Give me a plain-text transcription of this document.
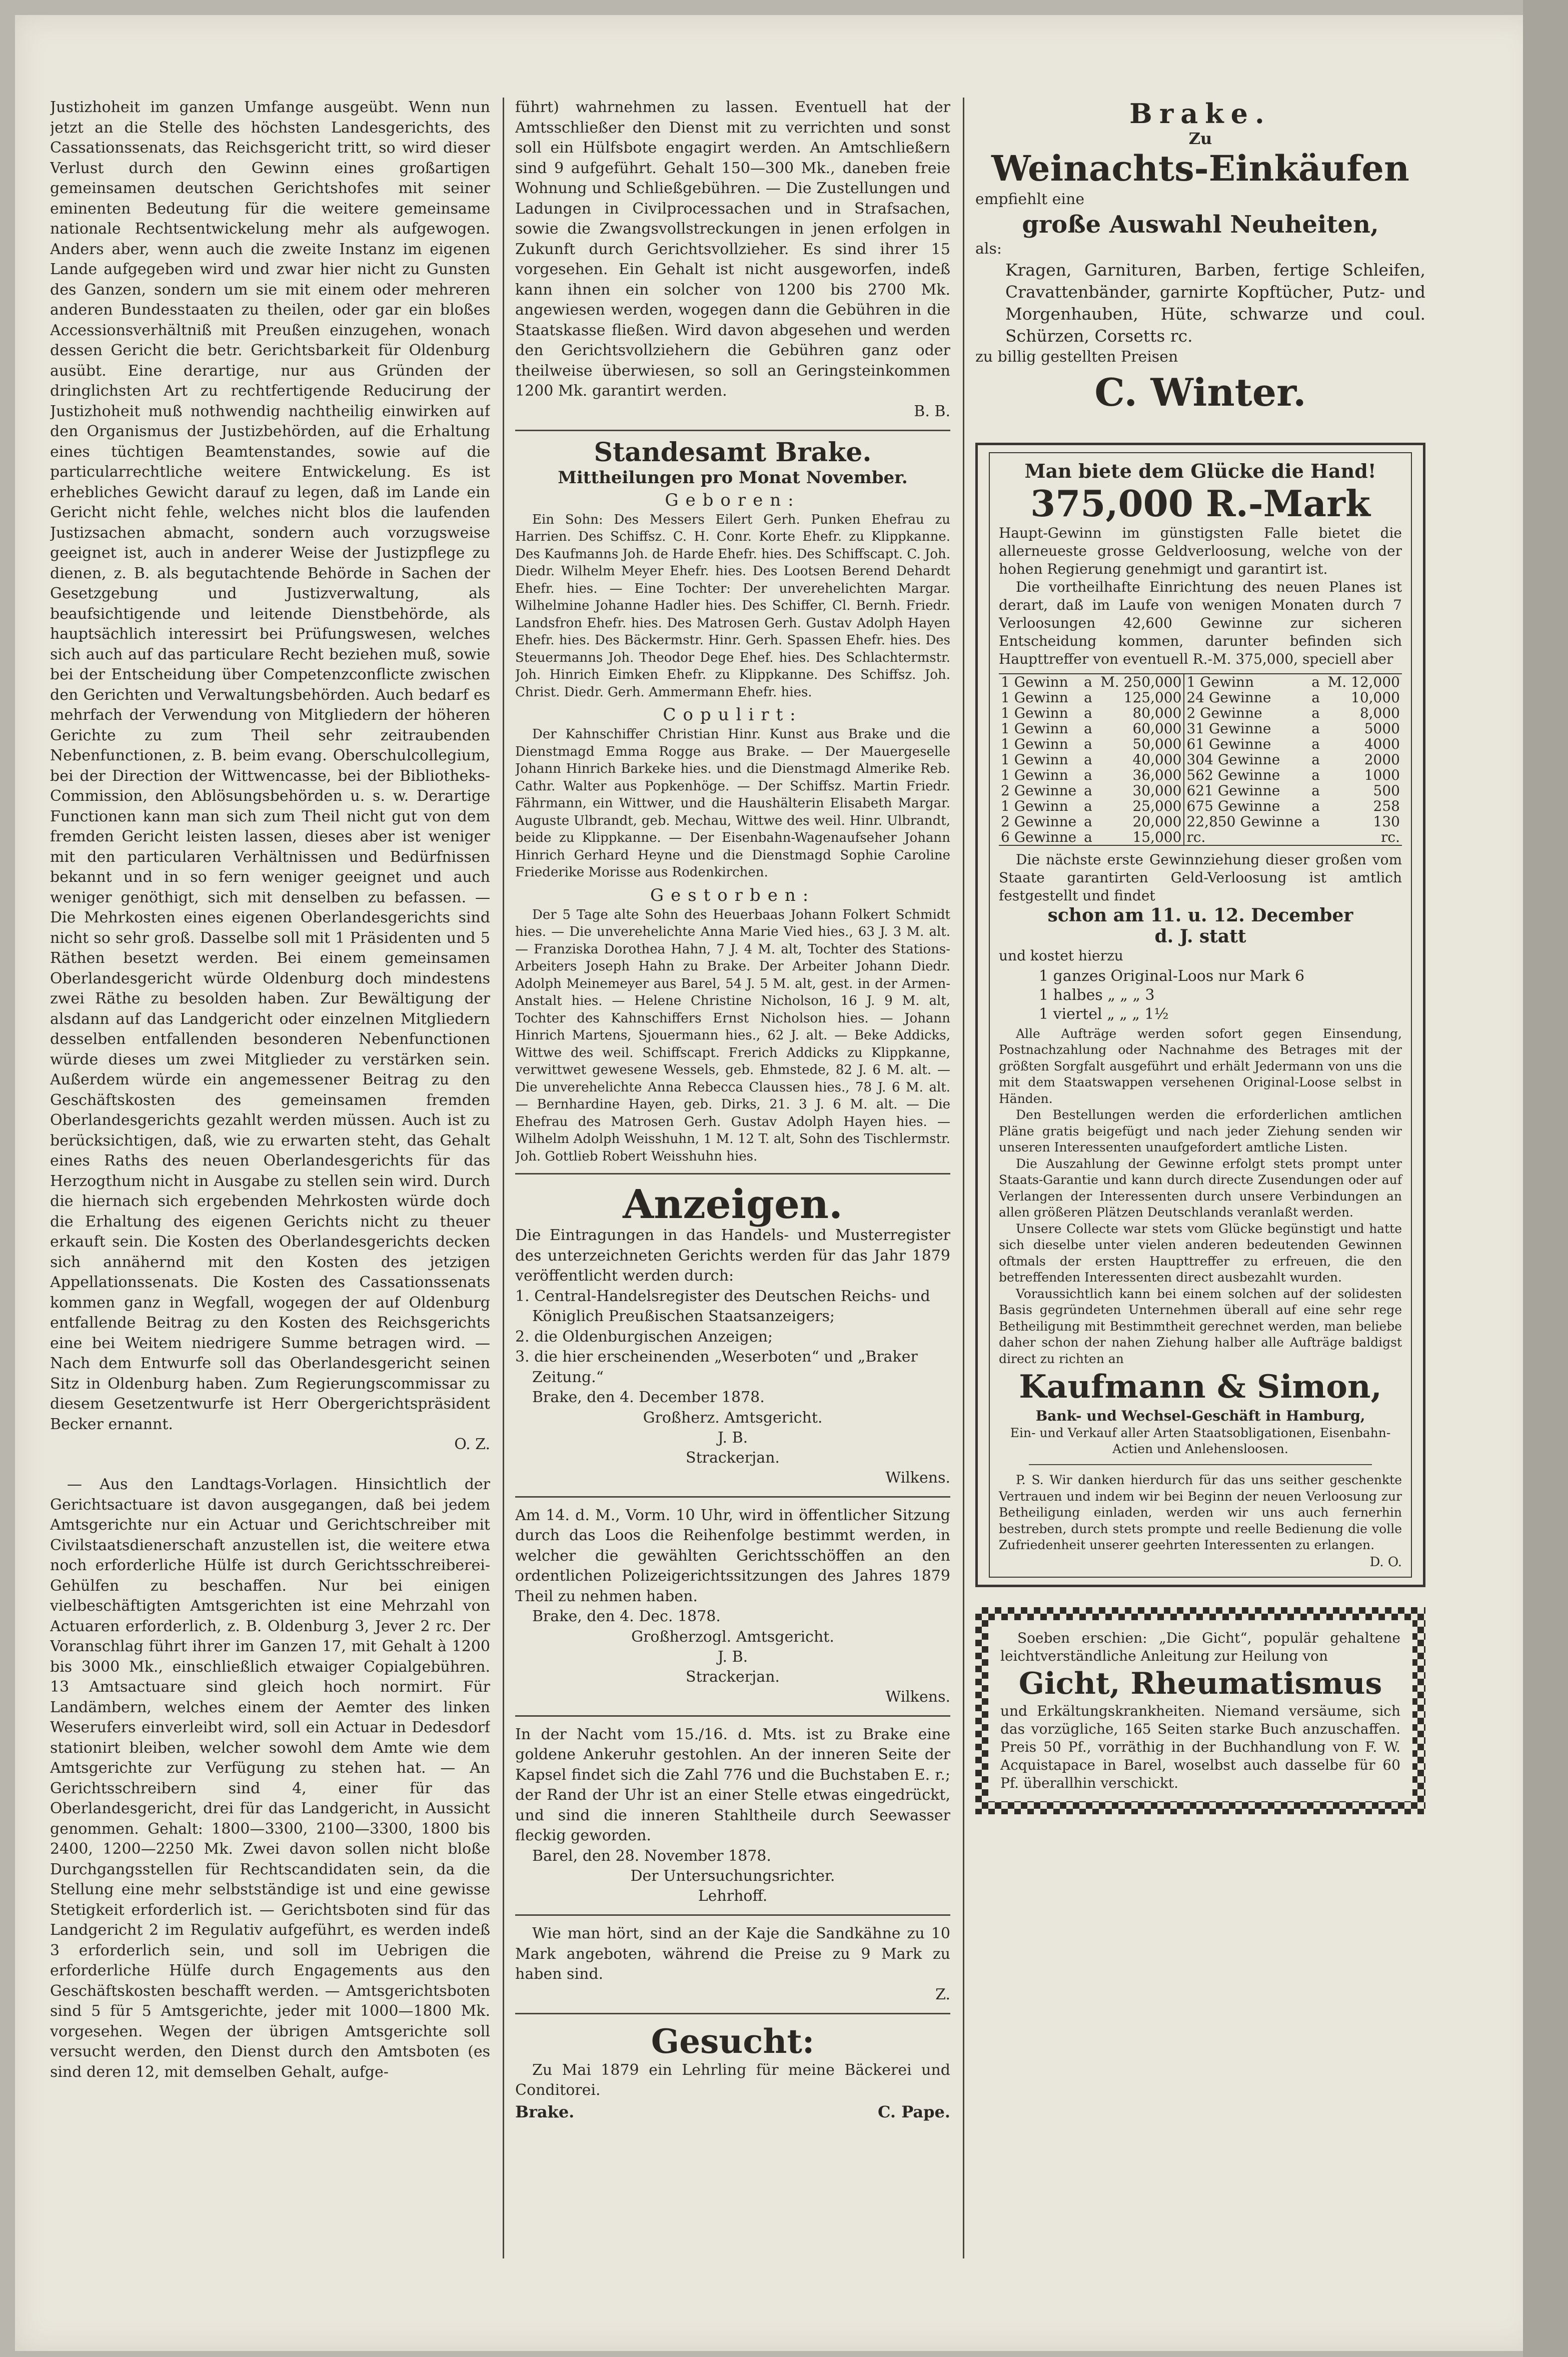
Justizhoheit im ganzen Umfange ausgeübt. Wenn nun jetzt an die Stelle des höchsten Landesgerichts, des Cassationssenats, das Reichsgericht tritt, so wird dieser Verlust durch den Gewinn eines großartigen gemeinsamen deutschen Gerichtshofes mit seiner eminenten Bedeutung für die weitere gemeinsame nationale Rechtsentwickelung mehr als aufgewogen. Anders aber, wenn auch die zweite Instanz im eigenen Lande aufgegeben wird und zwar hier nicht zu Gunsten des Ganzen, sondern um sie mit einem oder mehreren anderen Bundesstaaten zu theilen, oder gar ein bloßes Accessionsverhältniß mit Preußen einzugehen, wonach dessen Gericht die betr. Gerichtsbarkeit für Oldenburg ausübt. Eine derartige, nur aus Gründen der dringlichsten Art zu rechtfertigende Reducirung der Justizhoheit muß nothwendig nachtheilig einwirken auf den Organismus der Justizbehörden, auf die Erhaltung eines tüchtigen Beamtenstandes, sowie auf die particularrechtliche weitere Entwickelung. Es ist erhebliches Gewicht darauf zu legen, daß im Lande ein Gericht nicht fehle, welches nicht blos die laufenden Justizsachen abmacht, sondern auch vorzugsweise geeignet ist, auch in anderer Weise der Justizpflege zu dienen, z. B. als begutachtende Behörde in Sachen der Gesetzgebung und Justizverwaltung, als beaufsichtigende und leitende Dienstbehörde, als hauptsächlich interessirt bei Prüfungswesen, welches sich auch auf das particulare Recht beziehen muß, sowie bei der Entscheidung über Competenzconflicte zwischen den Gerichten und Verwaltungsbehörden. Auch bedarf es mehrfach der Verwendung von Mitgliedern der höheren Gerichte zu zum Theil sehr zeitraubenden Nebenfunctionen, z. B. beim evang. Oberschulcollegium, bei der Direction der Wittwencasse, bei der Bibliotheks-Commission, den Ablösungsbehörden u. s. w. Derartige Functionen kann man sich zum Theil nicht gut von dem fremden Gericht leisten lassen, dieses aber ist weniger mit den particularen Verhältnissen und Bedürfnissen bekannt und in so fern weniger geeignet und auch weniger genöthigt, sich mit denselben zu befassen. — Die Mehrkosten eines eigenen Oberlandesgerichts sind nicht so sehr groß. Dasselbe soll mit 1 Präsidenten und 5 Räthen besetzt werden. Bei einem gemeinsamen Oberlandesgericht würde Oldenburg doch mindestens zwei Räthe zu besolden haben. Zur Bewältigung der alsdann auf das Landgericht oder einzelnen Mitgliedern desselben entfallenden besonderen Nebenfunctionen würde dieses um zwei Mitglieder zu verstärken sein. Außerdem würde ein angemessener Beitrag zu den Geschäftskosten des gemeinsamen fremden Oberlandesgerichts gezahlt werden müssen. Auch ist zu berücksichtigen, daß, wie zu erwarten steht, das Gehalt eines Raths des neuen Oberlandesgerichts für das Herzogthum nicht in Ausgabe zu stellen sein wird. Durch die hiernach sich ergebenden Mehrkosten würde doch die Erhaltung des eigenen Gerichts nicht zu theuer erkauft sein. Die Kosten des Oberlandesgerichts decken sich annähernd mit den Kosten des jetzigen Appellationssenats. Die Kosten des Cassationssenats kommen ganz in Wegfall, wogegen der auf Oldenburg entfallende Beitrag zu den Kosten des Reichsgerichts eine bei Weitem niedrigere Summe betragen wird. — Nach dem Entwurfe soll das Oberlandesgericht seinen Sitz in Oldenburg haben. Zum Regierungscommissar zu diesem Gesetzentwurfe ist Herr Obergerichtspräsident Becker ernannt.

O. Z.

— Aus den Landtags-Vorlagen. Hinsichtlich der Gerichtsactuare ist davon ausgegangen, daß bei jedem Amtsgerichte nur ein Actuar und Gerichtschreiber mit Civilstaatsdienerschaft anzustellen ist, die weitere etwa noch erforderliche Hülfe ist durch Gerichtsschreiberei-Gehülfen zu beschaffen. Nur bei einigen vielbeschäftigten Amtsgerichten ist eine Mehrzahl von Actuaren erforderlich, z. B. Oldenburg 3, Jever 2 rc. Der Voranschlag führt ihrer im Ganzen 17, mit Gehalt à 1200 bis 3000 Mk., einschließlich etwaiger Copialgebühren. 13 Amtsactuare sind gleich hoch normirt. Für Landämbern, welches einem der Aemter des linken Weserufers einverleibt wird, soll ein Actuar in Dedesdorf stationirt bleiben, welcher sowohl dem Amte wie dem Amtsgerichte zur Verfügung zu stehen hat. — An Gerichtsschreibern sind 4, einer für das Oberlandesgericht, drei für das Landgericht, in Aussicht genommen. Gehalt: 1800—3300, 2100—3300, 1800 bis 2400, 1200—2250 Mk. Zwei davon sollen nicht bloße Durchgangsstellen für Rechtscandidaten sein, da die Stellung eine mehr selbstständige ist und eine gewisse Stetigkeit erforderlich ist. — Gerichtsboten sind für das Landgericht 2 im Regulativ aufgeführt, es werden indeß 3 erforderlich sein, und soll im Uebrigen die erforderliche Hülfe durch Engagements aus den Geschäftskosten beschafft werden. — Amtsgerichtsboten sind 5 für 5 Amtsgerichte, jeder mit 1000—1800 Mk. vorgesehen. Wegen der übrigen Amtsgerichte soll versucht werden, den Dienst durch den Amtsboten (es sind deren 12, mit demselben Gehalt, aufge-

führt) wahrnehmen zu lassen. Eventuell hat der Amtsschließer den Dienst mit zu verrichten und sonst soll ein Hülfsbote engagirt werden. An Amtschließern sind 9 aufgeführt. Gehalt 150—300 Mk., daneben freie Wohnung und Schließgebühren. — Die Zustellungen und Ladungen in Civilprocessachen und in Strafsachen, sowie die Zwangsvollstreckungen in jenen erfolgen in Zukunft durch Gerichtsvollzieher. Es sind ihrer 15 vorgesehen. Ein Gehalt ist nicht ausgeworfen, indeß kann ihnen ein solcher von 1200 bis 2700 Mk. angewiesen werden, wogegen dann die Gebühren in die Staatskasse fließen. Wird davon abgesehen und werden den Gerichtsvollziehern die Gebühren ganz oder theilweise überwiesen, so soll an Geringsteinkommen 1200 Mk. garantirt werden.

B. B.

Standesamt Brake.
Mittheilungen pro Monat November.
Geboren:

Ein Sohn: Des Messers Eilert Gerh. Punken Ehefrau zu Harrien. Des Schiffsz. C. H. Conr. Korte Ehefr. zu Klippkanne. Des Kaufmanns Joh. de Harde Ehefr. hies. Des Schiffscapt. C. Joh. Diedr. Wilhelm Meyer Ehefr. hies. Des Lootsen Berend Dehardt Ehefr. hies. — Eine Tochter: Der unverehelichten Margar. Wilhelmine Johanne Hadler hies. Des Schiffer, Cl. Bernh. Friedr. Landsfron Ehefr. hies. Des Matrosen Gerh. Gustav Adolph Hayen Ehefr. hies. Des Bäckermstr. Hinr. Gerh. Spassen Ehefr. hies. Des Steuermanns Joh. Theodor Dege Ehef. hies. Des Schlachtermstr. Joh. Hinrich Eimken Ehefr. zu Klippkanne. Des Schiffsz. Joh. Christ. Diedr. Gerh. Ammermann Ehefr. hies.

Copulirt:

Der Kahnschiffer Christian Hinr. Kunst aus Brake und die Dienstmagd Emma Rogge aus Brake. — Der Mauergeselle Johann Hinrich Barkeke hies. und die Dienstmagd Almerike Reb. Cathr. Walter aus Popkenhöge. — Der Schiffsz. Martin Friedr. Fährmann, ein Wittwer, und die Haushälterin Elisabeth Margar. Auguste Ulbrandt, geb. Mechau, Wittwe des weil. Hinr. Ulbrandt, beide zu Klippkanne. — Der Eisenbahn-Wagenaufseher Johann Hinrich Gerhard Heyne und die Dienstmagd Sophie Caroline Friederike Morisse aus Rodenkirchen.

Gestorben:

Der 5 Tage alte Sohn des Heuerbaas Johann Folkert Schmidt hies. — Die unverehelichte Anna Marie Vied hies., 63 J. 3 M. alt. — Franziska Dorothea Hahn, 7 J. 4 M. alt, Tochter des Stations-Arbeiters Joseph Hahn zu Brake. Der Arbeiter Johann Diedr. Adolph Meinemeyer aus Barel, 54 J. 5 M. alt, gest. in der Armen-Anstalt hies. — Helene Christine Nicholson, 16 J. 9 M. alt, Tochter des Kahnschiffers Ernst Nicholson hies. — Johann Hinrich Martens, Sjouermann hies., 62 J. alt. — Beke Addicks, Wittwe des weil. Schiffscapt. Frerich Addicks zu Klippkanne, verwittwet gewesene Wessels, geb. Ehmstede, 82 J. 6 M. alt. — Die unverehelichte Anna Rebecca Claussen hies., 78 J. 6 M. alt. — Bernhardine Hayen, geb. Dirks, 21. 3 J. 6 M. alt. — Die Ehefrau des Matrosen Gerh. Gustav Adolph Hayen hies. — Wilhelm Adolph Weisshuhn, 1 M. 12 T. alt, Sohn des Tischlermstr. Joh. Gottlieb Robert Weisshuhn hies.

Anzeigen.

Die Eintragungen in das Handels- und Musterregister des unterzeichneten Gerichts werden für das Jahr 1879 veröffentlicht werden durch:

1. Central-Handelsregister des Deutschen Reichs- und Königlich Preußischen Staatsanzeigers;
2. die Oldenburgischen Anzeigen;
3. die hier erscheinenden „Weserboten“ und „Braker Zeitung.“

Brake, den 4. December 1878.

Großherz. Amtsgericht.

J. B.

Strackerjan.

Wilkens.

Am 14. d. M., Vorm. 10 Uhr, wird in öffentlicher Sitzung durch das Loos die Reihenfolge bestimmt werden, in welcher die gewählten Gerichtsschöffen an den ordentlichen Polizeigerichtssitzungen des Jahres 1879 Theil zu nehmen haben.

Brake, den 4. Dec. 1878.

Großherzogl. Amtsgericht.

J. B.

Strackerjan.

Wilkens.

In der Nacht vom 15./16. d. Mts. ist zu Brake eine goldene Ankeruhr gestohlen. An der inneren Seite der Kapsel findet sich die Zahl 776 und die Buchstaben E. r.; der Rand der Uhr ist an einer Stelle etwas eingedrückt, und sind die inneren Stahltheile durch Seewasser fleckig geworden.

Barel, den 28. November 1878.

Der Untersuchungsrichter.

Lehrhoff.

Wie man hört, sind an der Kaje die Sandkähne zu 10 Mark angeboten, während die Preise zu 9 Mark zu haben sind.

Z.

Gesucht:

Zu Mai 1879 ein Lehrling für meine Bäckerei und Conditorei.

Brake.	C. Pape.
Brake.
Zu
Weinachts-Einkäufen

empfiehlt eine

große Auswahl Neuheiten,

als:

Kragen, Garnituren, Barben, fertige Schleifen, Cravattenbänder, garnirte Kopftücher, Putz- und Morgenhauben, Hüte, schwarze und coul. Schürzen, Corsetts rc.

zu billig gestellten Preisen

C. Winter.
Man biete dem Glücke die Hand!
375,000 R.-Mark

Haupt-Gewinn im günstigsten Falle bietet die allerneueste grosse Geldverloosung, welche von der hohen Regierung genehmigt und garantirt ist.

Die vortheilhafte Einrichtung des neuen Planes ist derart, daß im Laufe von wenigen Monaten durch 7 Verloosungen 42,600 Gewinne zur sicheren Entscheidung kommen, darunter befinden sich Haupttreffer von eventuell R.-M. 375,000, speciell aber

1 Gewinn	a	M. 250,000	1 Gewinn	a	M. 12,000
1 Gewinn	a	125,000	24 Gewinne	a	10,000
1 Gewinn	a	80,000	2 Gewinne	a	8,000
1 Gewinn	a	60,000	31 Gewinne	a	5000
1 Gewinn	a	50,000	61 Gewinne	a	4000
1 Gewinn	a	40,000	304 Gewinne	a	2000
1 Gewinn	a	36,000	562 Gewinne	a	1000
2 Gewinne	a	30,000	621 Gewinne	a	500
1 Gewinn	a	25,000	675 Gewinne	a	258
2 Gewinne	a	20,000	22,850 Gewinne	a	130
6 Gewinne	a	15,000	rc.		rc.

Die nächste erste Gewinnziehung dieser großen vom Staate garantirten Geld-Verloosung ist amtlich festgestellt und findet

schon am 11. u. 12. December
d. J. statt

und kostet hierzu

1 ganzes Original-Loos nur Mark 6
1 halbes „ „ „ 3
1 viertel „ „ „ 1½

Alle Aufträge werden sofort gegen Einsendung, Postnachzahlung oder Nachnahme des Betrages mit der größten Sorgfalt ausgeführt und erhält Jedermann von uns die mit dem Staatswappen versehenen Original-Loose selbst in Händen.

Den Bestellungen werden die erforderlichen amtlichen Pläne gratis beigefügt und nach jeder Ziehung senden wir unseren Interessenten unaufgefordert amtliche Listen.

Die Auszahlung der Gewinne erfolgt stets prompt unter Staats-Garantie und kann durch directe Zusendungen oder auf Verlangen der Interessenten durch unsere Verbindungen an allen größeren Plätzen Deutschlands veranlaßt werden.

Unsere Collecte war stets vom Glücke begünstigt und hatte sich dieselbe unter vielen anderen bedeutenden Gewinnen oftmals der ersten Haupttreffer zu erfreuen, die den betreffenden Interessenten direct ausbezahlt wurden.

Voraussichtlich kann bei einem solchen auf der solidesten Basis gegründeten Unternehmen überall auf eine sehr rege Betheiligung mit Bestimmtheit gerechnet werden, man beliebe daher schon der nahen Ziehung halber alle Aufträge baldigst direct zu richten an

Kaufmann & Simon,
Bank- und Wechsel-Geschäft in Hamburg,
Ein- und Verkauf aller Arten Staatsobligationen, Eisenbahn-Actien und Anlehensloosen.

P. S. Wir danken hierdurch für das uns seither geschenkte Vertrauen und indem wir bei Beginn der neuen Verloosung zur Betheiligung einladen, werden wir uns auch fernerhin bestreben, durch stets prompte und reelle Bedienung die volle Zufriedenheit unserer geehrten Interessenten zu erlangen.

D. O.

Soeben erschien: „Die Gicht“, populär gehaltene leichtverständliche Anleitung zur Heilung von

Gicht, Rheumatismus

und Erkältungskrankheiten. Niemand versäume, sich das vorzügliche, 165 Seiten starke Buch anzuschaffen. Preis 50 Pf., vorräthig in der Buchhandlung von F. W. Acquistapace in Barel, woselbst auch dasselbe für 60 Pf. überallhin verschickt.
